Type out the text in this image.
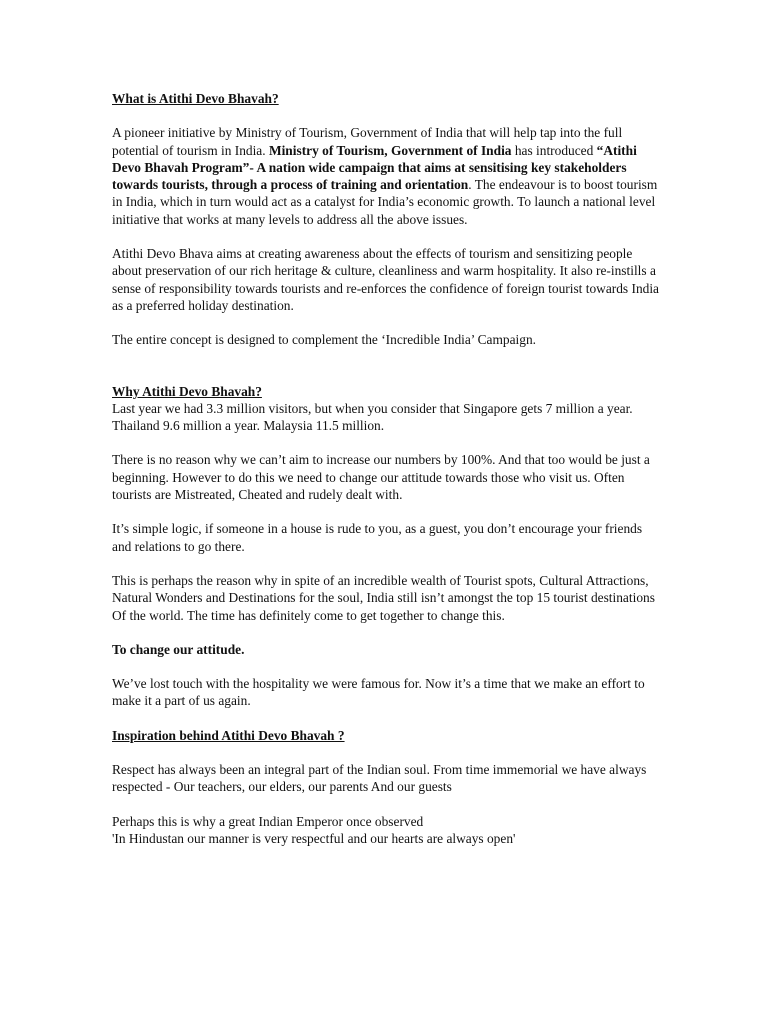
What is Atithi Devo Bhavah?

A pioneer initiative by Ministry of Tourism, Government of India that will help tap into the full potential of tourism in India. Ministry of Tourism, Government of India has introduced “Atithi Devo Bhavah Program”- A nation wide campaign that aims at sensitising key stakeholders towards tourists, through a process of training and orientation. The endeavour is to boost tourism in India, which in turn would act as a catalyst for India’s economic growth. To launch a national level initiative that works at many levels to address all the above issues.

Atithi Devo Bhava aims at creating awareness about the effects of tourism and sensitizing people about preservation of our rich heritage & culture, cleanliness and warm hospitality. It also re-instills a sense of responsibility towards tourists and re-enforces the confidence of foreign tourist towards India as a preferred holiday destination.

The entire concept is designed to complement the ‘Incredible India’ Campaign.

Why Atithi Devo Bhavah?

Last year we had 3.3 million visitors, but when you consider that Singapore gets 7 million a year. Thailand 9.6 million a year. Malaysia 11.5 million.

There is no reason why we can’t aim to increase our numbers by 100%. And that too would be just a beginning. However to do this we need to change our attitude towards those who visit us. Often tourists are Mistreated, Cheated and rudely dealt with.

It’s simple logic, if someone in a house is rude to you, as a guest, you don’t encourage your friends and relations to go there.

This is perhaps the reason why in spite of an incredible wealth of Tourist spots, Cultural Attractions, Natural Wonders and Destinations for the soul, India still isn’t amongst the top 15 tourist destinations Of the world. The time has definitely come to get together to change this.

To change our attitude.

We’ve lost touch with the hospitality we were famous for. Now it’s a time that we make an effort to make it a part of us again.

Inspiration behind Atithi Devo Bhavah ?

Respect has always been an integral part of the Indian soul. From time immemorial we have always respected - Our teachers, our elders, our parents And our guests

Perhaps this is why a great Indian Emperor once observed

'In Hindustan our manner is very respectful and our hearts are always open'
